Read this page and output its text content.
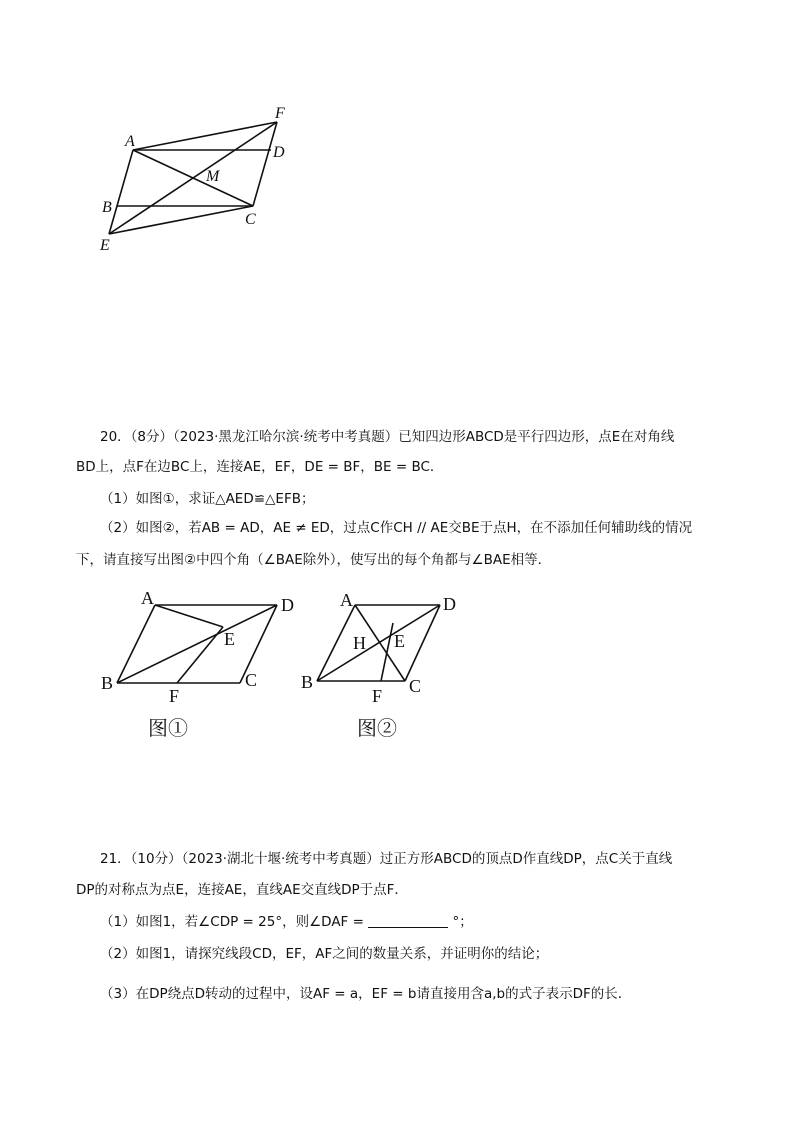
A
F
D
M
B
C
E
20．（8分）（2023·黑龙江哈尔滨·统考中考真题）已知四边形ABCD是平行四边形，点E在对角线
BD上，点F在边BC上，连接AE，EF，DE = BF，BE = BC．
（1）如图①，求证△AED≌△EFB；
（2）如图②，若AB = AD，AE ≠ ED，过点C作CH // AE交BE于点H，在不添加任何辅助线的情况
下，请直接写出图②中四个角（∠BAE除外），使写出的每个角都与∠BAE相等．
A	D
E
B
F
C
图①
A	D
H E
B
F C
图②
21．（10分）（2023·湖北十堰·统考中考真题）过正方形ABCD的顶点D作直线DP，点C关于直线
DP的对称点为点E，连接AE，直线AE交直线DP于点F．
（1）如图1，若∠CDP = 25°，则∠DAF =	°；
（2）如图1，请探究线段CD，EF，AF之间的数量关系，并证明你的结论；
（3）在DP绕点D转动的过程中，设AF = a，EF = b请直接用含a,b的式子表示DF的长．
